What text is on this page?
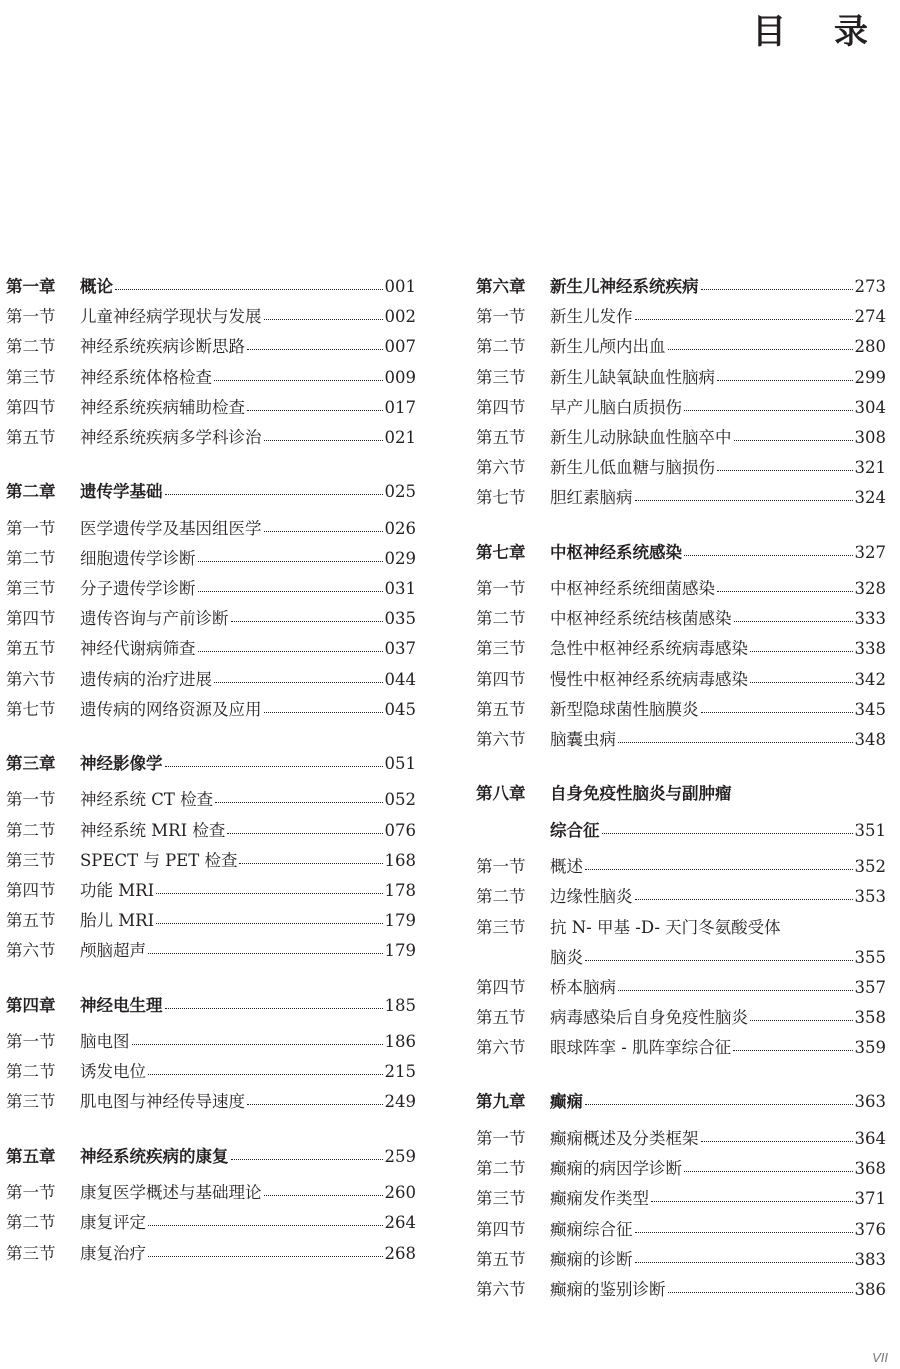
目 录
第一章	概论	001
第一节	儿童神经病学现状与发展	002
第二节	神经系统疾病诊断思路	007
第三节	神经系统体格检查	009
第四节	神经系统疾病辅助检查	017
第五节	神经系统疾病多学科诊治	021
第二章	遗传学基础	025
第一节	医学遗传学及基因组医学	026
第二节	细胞遗传学诊断	029
第三节	分子遗传学诊断	031
第四节	遗传咨询与产前诊断	035
第五节	神经代谢病筛查	037
第六节	遗传病的治疗进展	044
第七节	遗传病的网络资源及应用	045
第三章	神经影像学	051
第一节	神经系统 CT 检查	052
第二节	神经系统 MRI 检查	076
第三节	SPECT 与 PET 检查	168
第四节	功能 MRI	178
第五节	胎儿 MRI	179
第六节	颅脑超声	179
第四章	神经电生理	185
第一节	脑电图	186
第二节	诱发电位	215
第三节	肌电图与神经传导速度	249
第五章	神经系统疾病的康复	259
第一节	康复医学概述与基础理论	260
第二节	康复评定	264
第三节	康复治疗	268
第六章	新生儿神经系统疾病	273
第一节	新生儿发作	274
第二节	新生儿颅内出血	280
第三节	新生儿缺氧缺血性脑病	299
第四节	早产儿脑白质损伤	304
第五节	新生儿动脉缺血性脑卒中	308
第六节	新生儿低血糖与脑损伤	321
第七节	胆红素脑病	324
第七章	中枢神经系统感染	327
第一节	中枢神经系统细菌感染	328
第二节	中枢神经系统结核菌感染	333
第三节	急性中枢神经系统病毒感染	338
第四节	慢性中枢神经系统病毒感染	342
第五节	新型隐球菌性脑膜炎	345
第六节	脑囊虫病	348
第八章	自身免疫性脑炎与副肿瘤
综合征	351
第一节	概述	352
第二节	边缘性脑炎	353
第三节	抗 N- 甲基 -D- 天门冬氨酸受体
脑炎	355
第四节	桥本脑病	357
第五节	病毒感染后自身免疫性脑炎	358
第六节	眼球阵挛 - 肌阵挛综合征	359
第九章	癫痫	363
第一节	癫痫概述及分类框架	364
第二节	癫痫的病因学诊断	368
第三节	癫痫发作类型	371
第四节	癫痫综合征	376
第五节	癫痫的诊断	383
第六节	癫痫的鉴别诊断	386
VII
